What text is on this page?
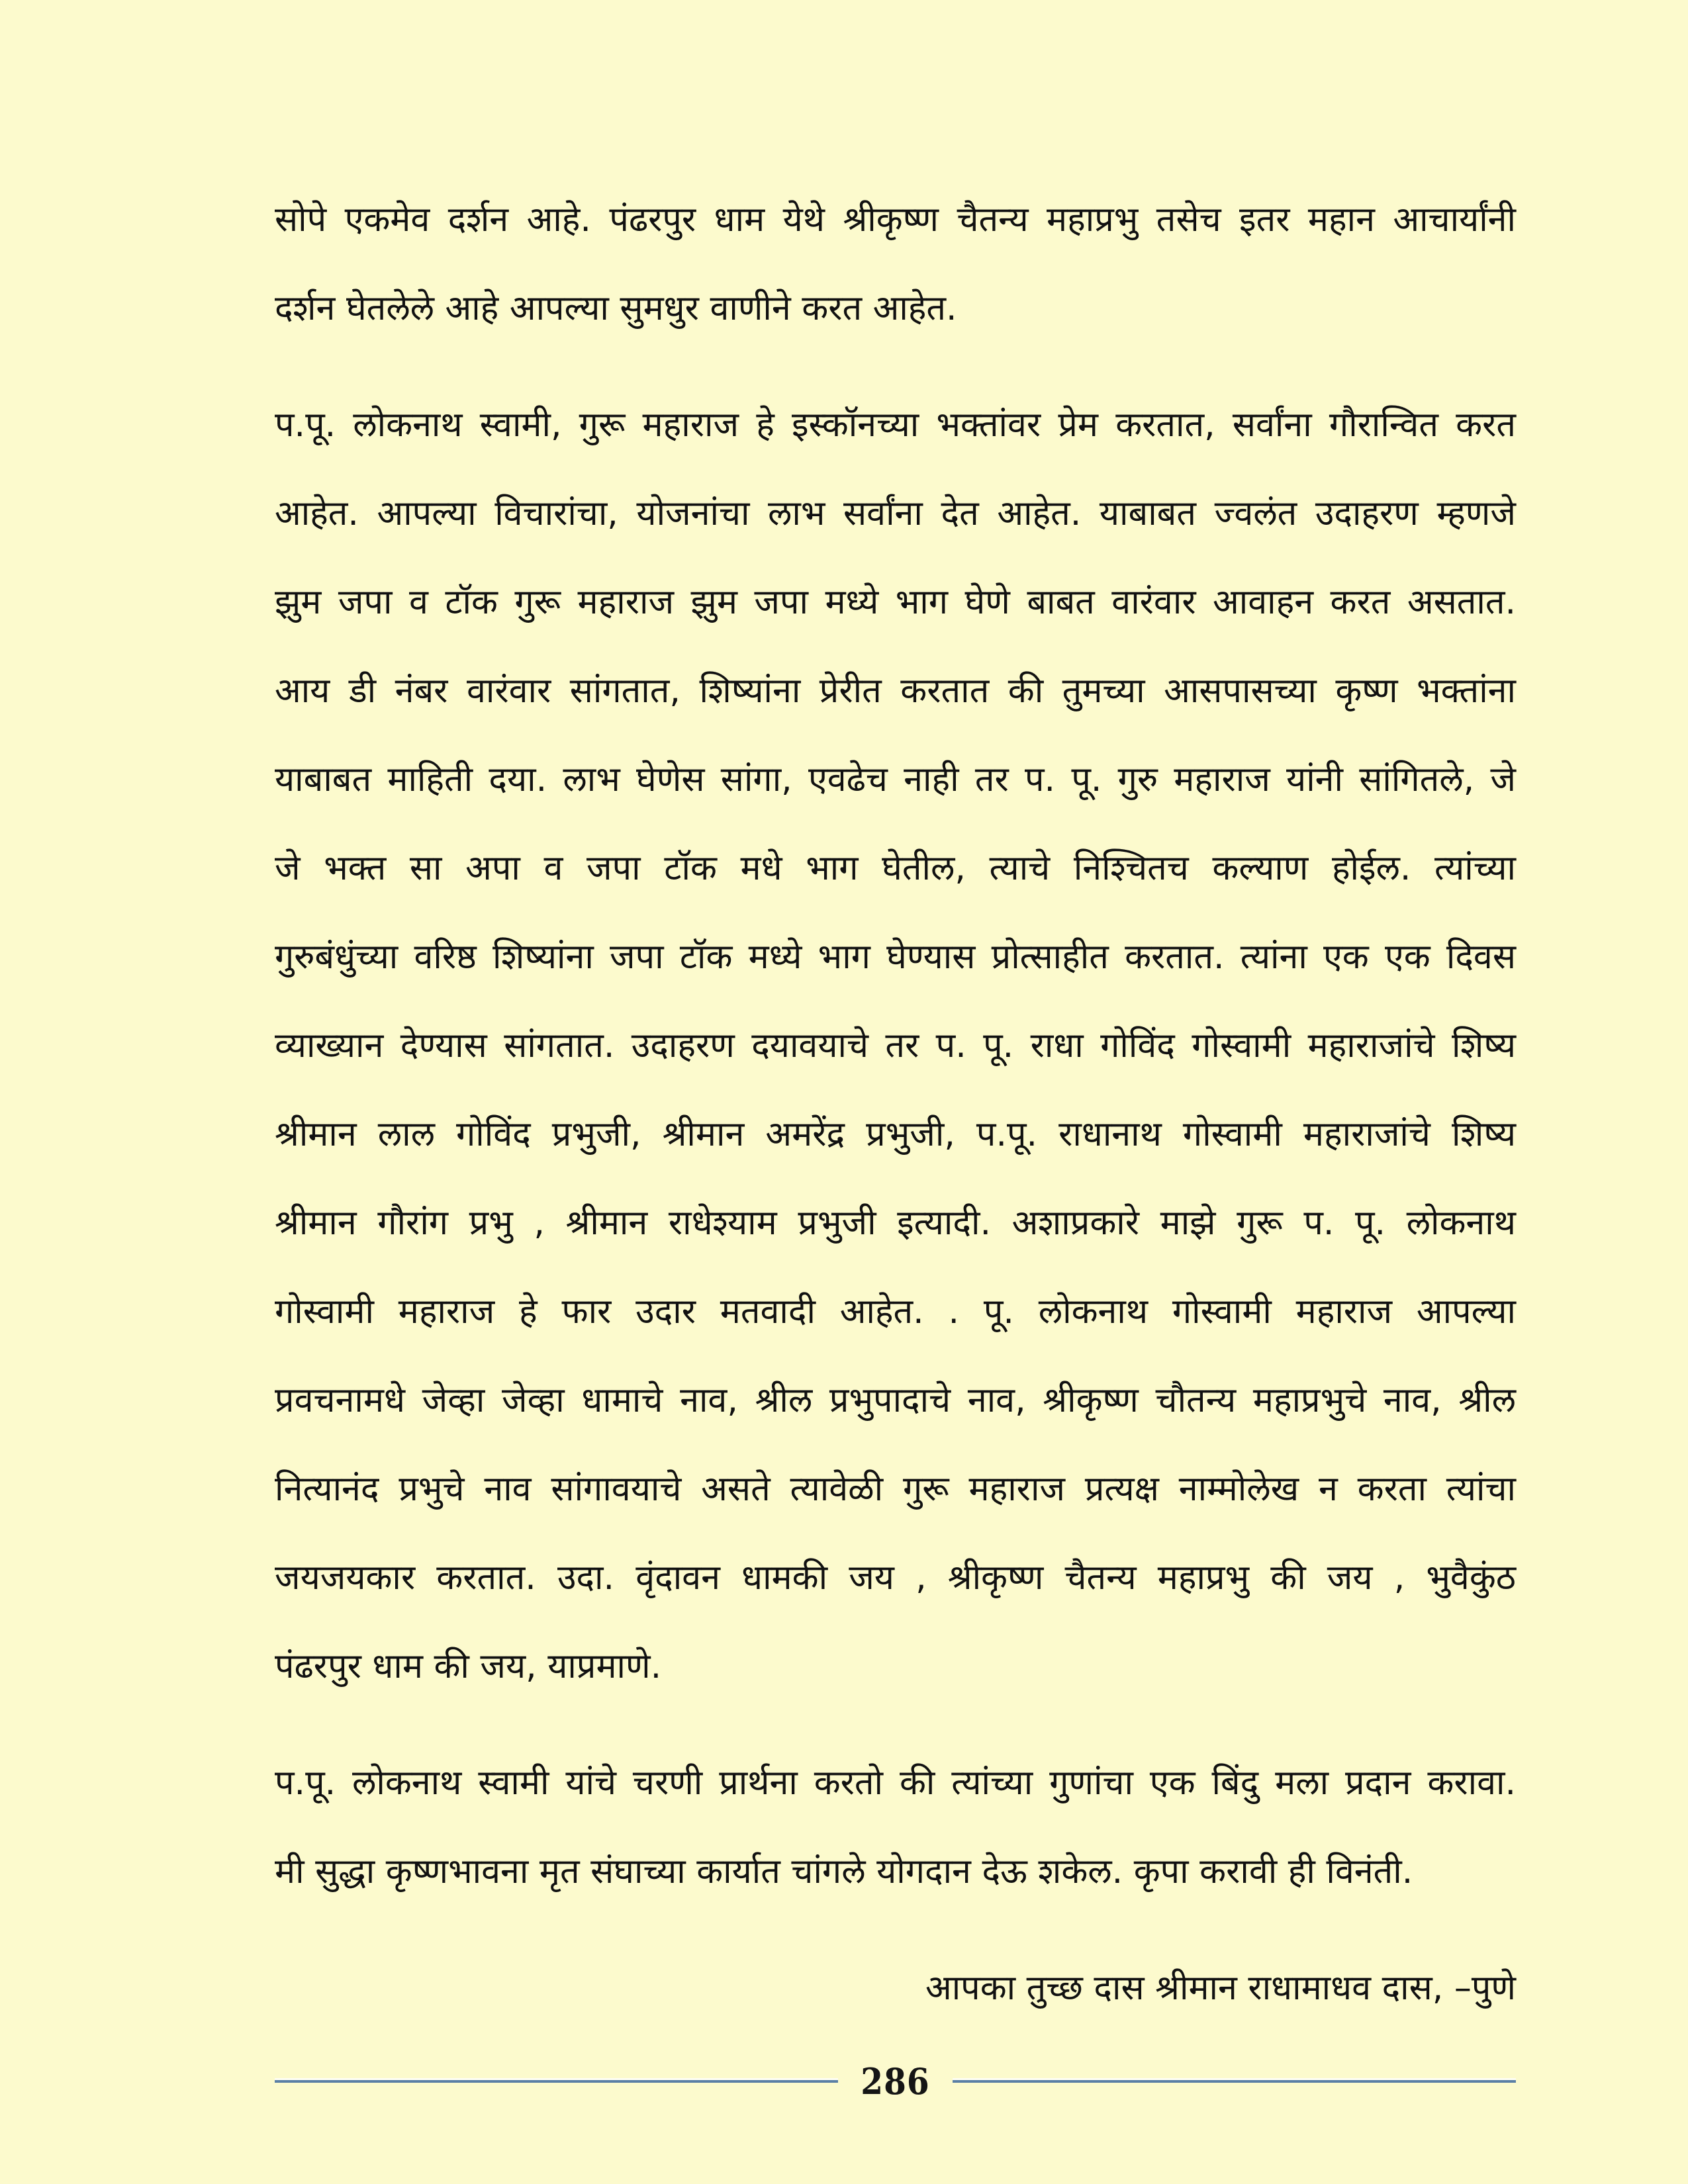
सोपे एकमेव दर्शन आहे. पंढरपुर धाम येथे श्रीकृष्ण चैतन्य महाप्रभु तसेच इतर महान आचार्यांनी
दर्शन घेतलेले आहे आपल्या सुमधुर वाणीने करत आहेत.
प.पू. लोकनाथ स्वामी, गुरू महाराज हे इस्कॉनच्या भक्तांवर प्रेम करतात, सर्वांना गौरान्वित करत
आहेत. आपल्या विचारांचा, योजनांचा लाभ सर्वांना देत आहेत. याबाबत ज्वलंत उदाहरण म्हणजे
झुम जपा व टॉक गुरू महाराज झुम जपा मध्ये भाग घेणे बाबत वारंवार आवाहन करत असतात.
आय डी नंबर वारंवार सांगतात, शिष्यांना प्रेरीत करतात की तुमच्या आसपासच्या कृष्ण भक्तांना
याबाबत माहिती दया. लाभ घेणेस सांगा, एवढेच नाही तर प. पू. गुरु महाराज यांनी सांगितले, जे
जे भक्त सा अपा व जपा टॉक मधे भाग घेतील, त्याचे निश्चितच कल्याण होईल. त्यांच्या
गुरुबंधुंच्या वरिष्ठ शिष्यांना जपा टॉक मध्ये भाग घेण्यास प्रोत्साहीत करतात. त्यांना एक एक दिवस
व्याख्यान देण्यास सांगतात. उदाहरण दयावयाचे तर प. पू. राधा गोविंद गोस्वामी महाराजांचे शिष्य
श्रीमान लाल गोविंद प्रभुजी, श्रीमान अमरेंद्र प्रभुजी, प.पू. राधानाथ गोस्वामी महाराजांचे शिष्य
श्रीमान गौरांग प्रभु , श्रीमान राधेश्याम प्रभुजी इत्यादी. अशाप्रकारे माझे गुरू प. पू. लोकनाथ
गोस्वामी महाराज हे फार उदार मतवादी आहेत. . पू. लोकनाथ गोस्वामी महाराज आपल्या
प्रवचनामधे जेव्हा जेव्हा धामाचे नाव, श्रील प्रभुपादाचे नाव, श्रीकृष्ण चौतन्य महाप्रभुचे नाव, श्रील
नित्यानंद प्रभुचे नाव सांगावयाचे असते त्यावेळी गुरू महाराज प्रत्यक्ष नाम्मोलेख न करता त्यांचा
जयजयकार करतात. उदा. वृंदावन धामकी जय , श्रीकृष्ण चैतन्य महाप्रभु की जय , भुवैकुंठ
पंढरपुर धाम की जय, याप्रमाणे.
प.पू. लोकनाथ स्वामी यांचे चरणी प्रार्थना करतो की त्यांच्या गुणांचा एक बिंदु मला प्रदान करावा.
मी सुद्धा कृष्णभावना मृत संघाच्या कार्यात चांगले योगदान देऊ शकेल. कृपा करावी ही विनंती.
आपका तुच्छ दास श्रीमान राधामाधव दास, –पुणे
286
